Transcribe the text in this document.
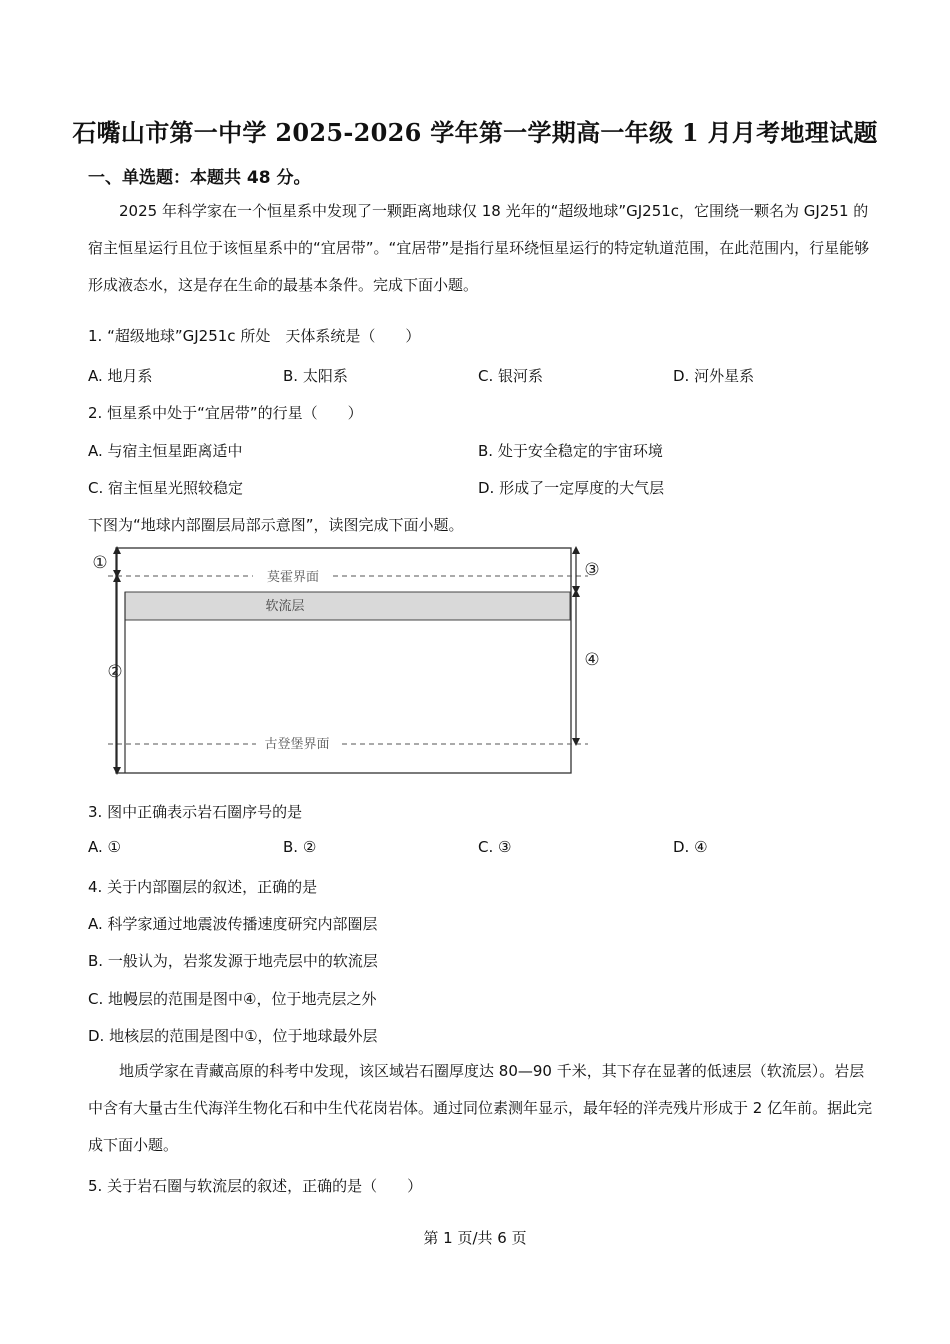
石嘴山市第一中学 2025-2026 学年第一学期高一年级 1 月月考地理试题
一、单选题：本题共 48 分。
2025 年科学家在一个恒星系中发现了一颗距离地球仅 18 光年的“超级地球”GJ251c，它围绕一颗名为 GJ251 的宿主恒星运行且位于该恒星系中的“宜居带”。“宜居带”是指行星环绕恒星运行的特定轨道范围，在此范围内，行星能够形成液态水，这是存在生命的最基本条件。完成下面小题。
1. “超级地球”GJ251c 所处　天体系统是（　　）
A. 地月系	B. 太阳系	C. 银河系	D. 河外星系
2. 恒星系中处于“宜居带”的行星（　　）
A. 与宿主恒星距离适中	B. 处于安全稳定的宇宙环境
C. 宿主恒星光照较稳定	D. 形成了一定厚度的大气层
下图为“地球内部圈层局部示意图”，读图完成下面小题。
莫霍界面
软流层
古登堡界面
①
②
③
④
3. 图中正确表示岩石圈序号的是
A. ①	B. ②	C. ③	D. ④
4. 关于内部圈层的叙述，正确的是
A. 科学家通过地震波传播速度研究内部圈层
B. 一般认为，岩浆发源于地壳层中的软流层
C. 地幔层的范围是图中④，位于地壳层之外
D. 地核层的范围是图中①，位于地球最外层
地质学家在青藏高原的科考中发现，该区域岩石圈厚度达 80—90 千米，其下存在显著的低速层（软流层）。岩层中含有大量古生代海洋生物化石和中生代花岗岩体。通过同位素测年显示，最年轻的洋壳残片形成于 2 亿年前。据此完成下面小题。
5. 关于岩石圈与软流层的叙述，正确的是（　　）
第 1 页/共 6 页
